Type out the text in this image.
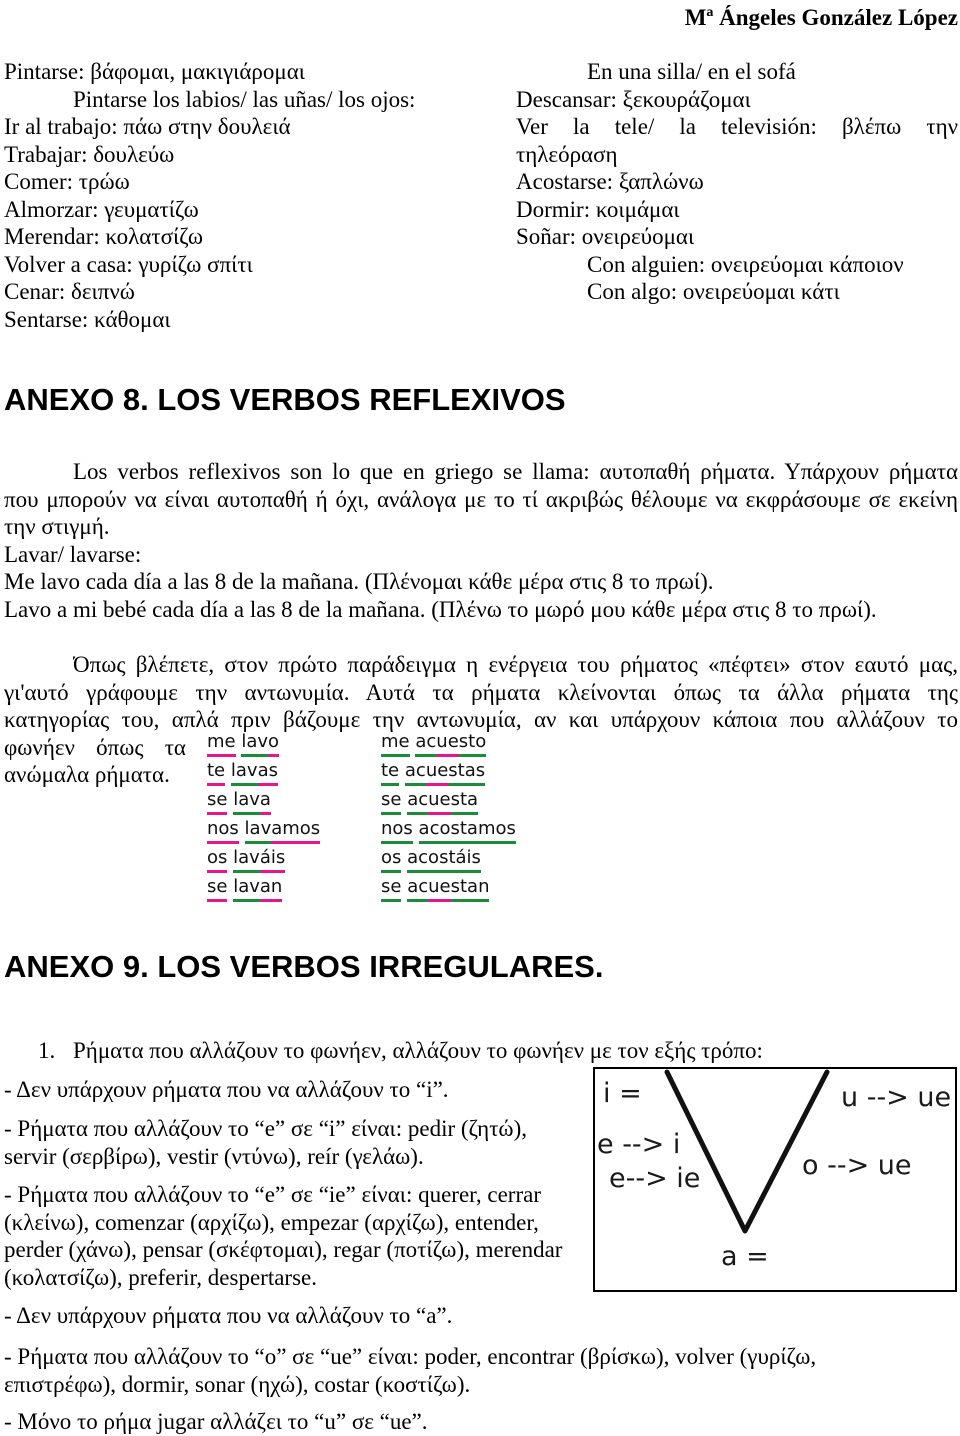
Mª Ángeles González López
Pintarse: βάφομαι, μακιγιάρομαι
Pintarse los labios/ las uñas/ los ojos:
Ir al trabajo: πάω στην δουλειά
Trabajar: δουλεύω
Comer: τρώω
Almorzar: γευματίζω
Merendar: κολατσίζω
Volver a casa: γυρίζω σπίτι
Cenar: δειπνώ
Sentarse: κάθομαι
En una silla/ en el sofá
Descansar: ξεκουράζομαι
Ver la tele/ la televisión: βλέπω την
τηλεόραση
Acostarse: ξαπλώνω
Dormir: κοιμάμαι
Soñar: ονειρεύομαι
Con alguien: ονειρεύομαι κάποιον
Con algo: ονειρεύομαι κάτι
ANEXO 8. LOS VERBOS REFLEXIVOS
Los verbos reflexivos son lo que en griego se llama: αυτοπαθή ρήματα. Υπάρχουν ρήματα
που μπορούν να είναι αυτοπαθή ή όχι, ανάλογα με το τί ακριβώς θέλουμε να εκφράσουμε σε εκείνη
την στιγμή.
Lavar/ lavarse:
Me lavo cada día a las 8 de la mañana. (Πλένομαι κάθε μέρα στις 8 το πρωί).
Lavo a mi bebé cada día a las 8 de la mañana. (Πλένω το μωρό μου κάθε μέρα στις 8 το πρωί).
Όπως βλέπετε, στον πρώτο παράδειγμα η ενέργεια του ρήματος «πέφτει» στον εαυτό μας,
γι'αυτό γράφουμε την αντωνυμία. Αυτά τα ρήματα κλείνονται όπως τα άλλα ρήματα της
κατηγορίας του, απλά πριν βάζουμε την αντωνυμία, αν και υπάρχουν κάποια που αλλάζουν το
φωνήεν όπως τα
ανώμαλα ρήματα.
me lavo
te lavas
se lava
nos lavamos
os laváis
se lavan
me acuesto
te acuestas
se acuesta
nos acostamos
os acostáis
se acuestan
ANEXO 9. LOS VERBOS IRREGULARES.
1. Ρήματα που αλλάζουν το φωνήεν, αλλάζουν το φωνήεν με τον εξής τρόπο:
- Δεν υπάρχουν ρήματα που να αλλάζουν το “i”.
- Ρήματα που αλλάζουν το “e” σε “i” είναι: pedir (ζητώ),
servir (σερβίρω), vestir (ντύνω), reír (γελάω).
- Ρήματα που αλλάζουν το “e” σε “ie” είναι: querer, cerrar
(κλείνω), comenzar (αρχίζω), empezar (αρχίζω), entender,
perder (χάνω), pensar (σκέφτομαι), regar (ποτίζω), merendar
(κολατσίζω), preferir, despertarse.
- Δεν υπάρχουν ρήματα που να αλλάζουν το “a”.
- Ρήματα που αλλάζουν το “o” σε “ue” είναι: poder, encontrar (βρίσκω), volver (γυρίζω,
επιστρέφω), dormir, sonar (ηχώ), costar (κοστίζω).
- Μόνο το ρήμα jugar αλλάζει το “u” σε “ue”.
i =	u --> ue
e --> i
e--> ie	o --> ue
a =
